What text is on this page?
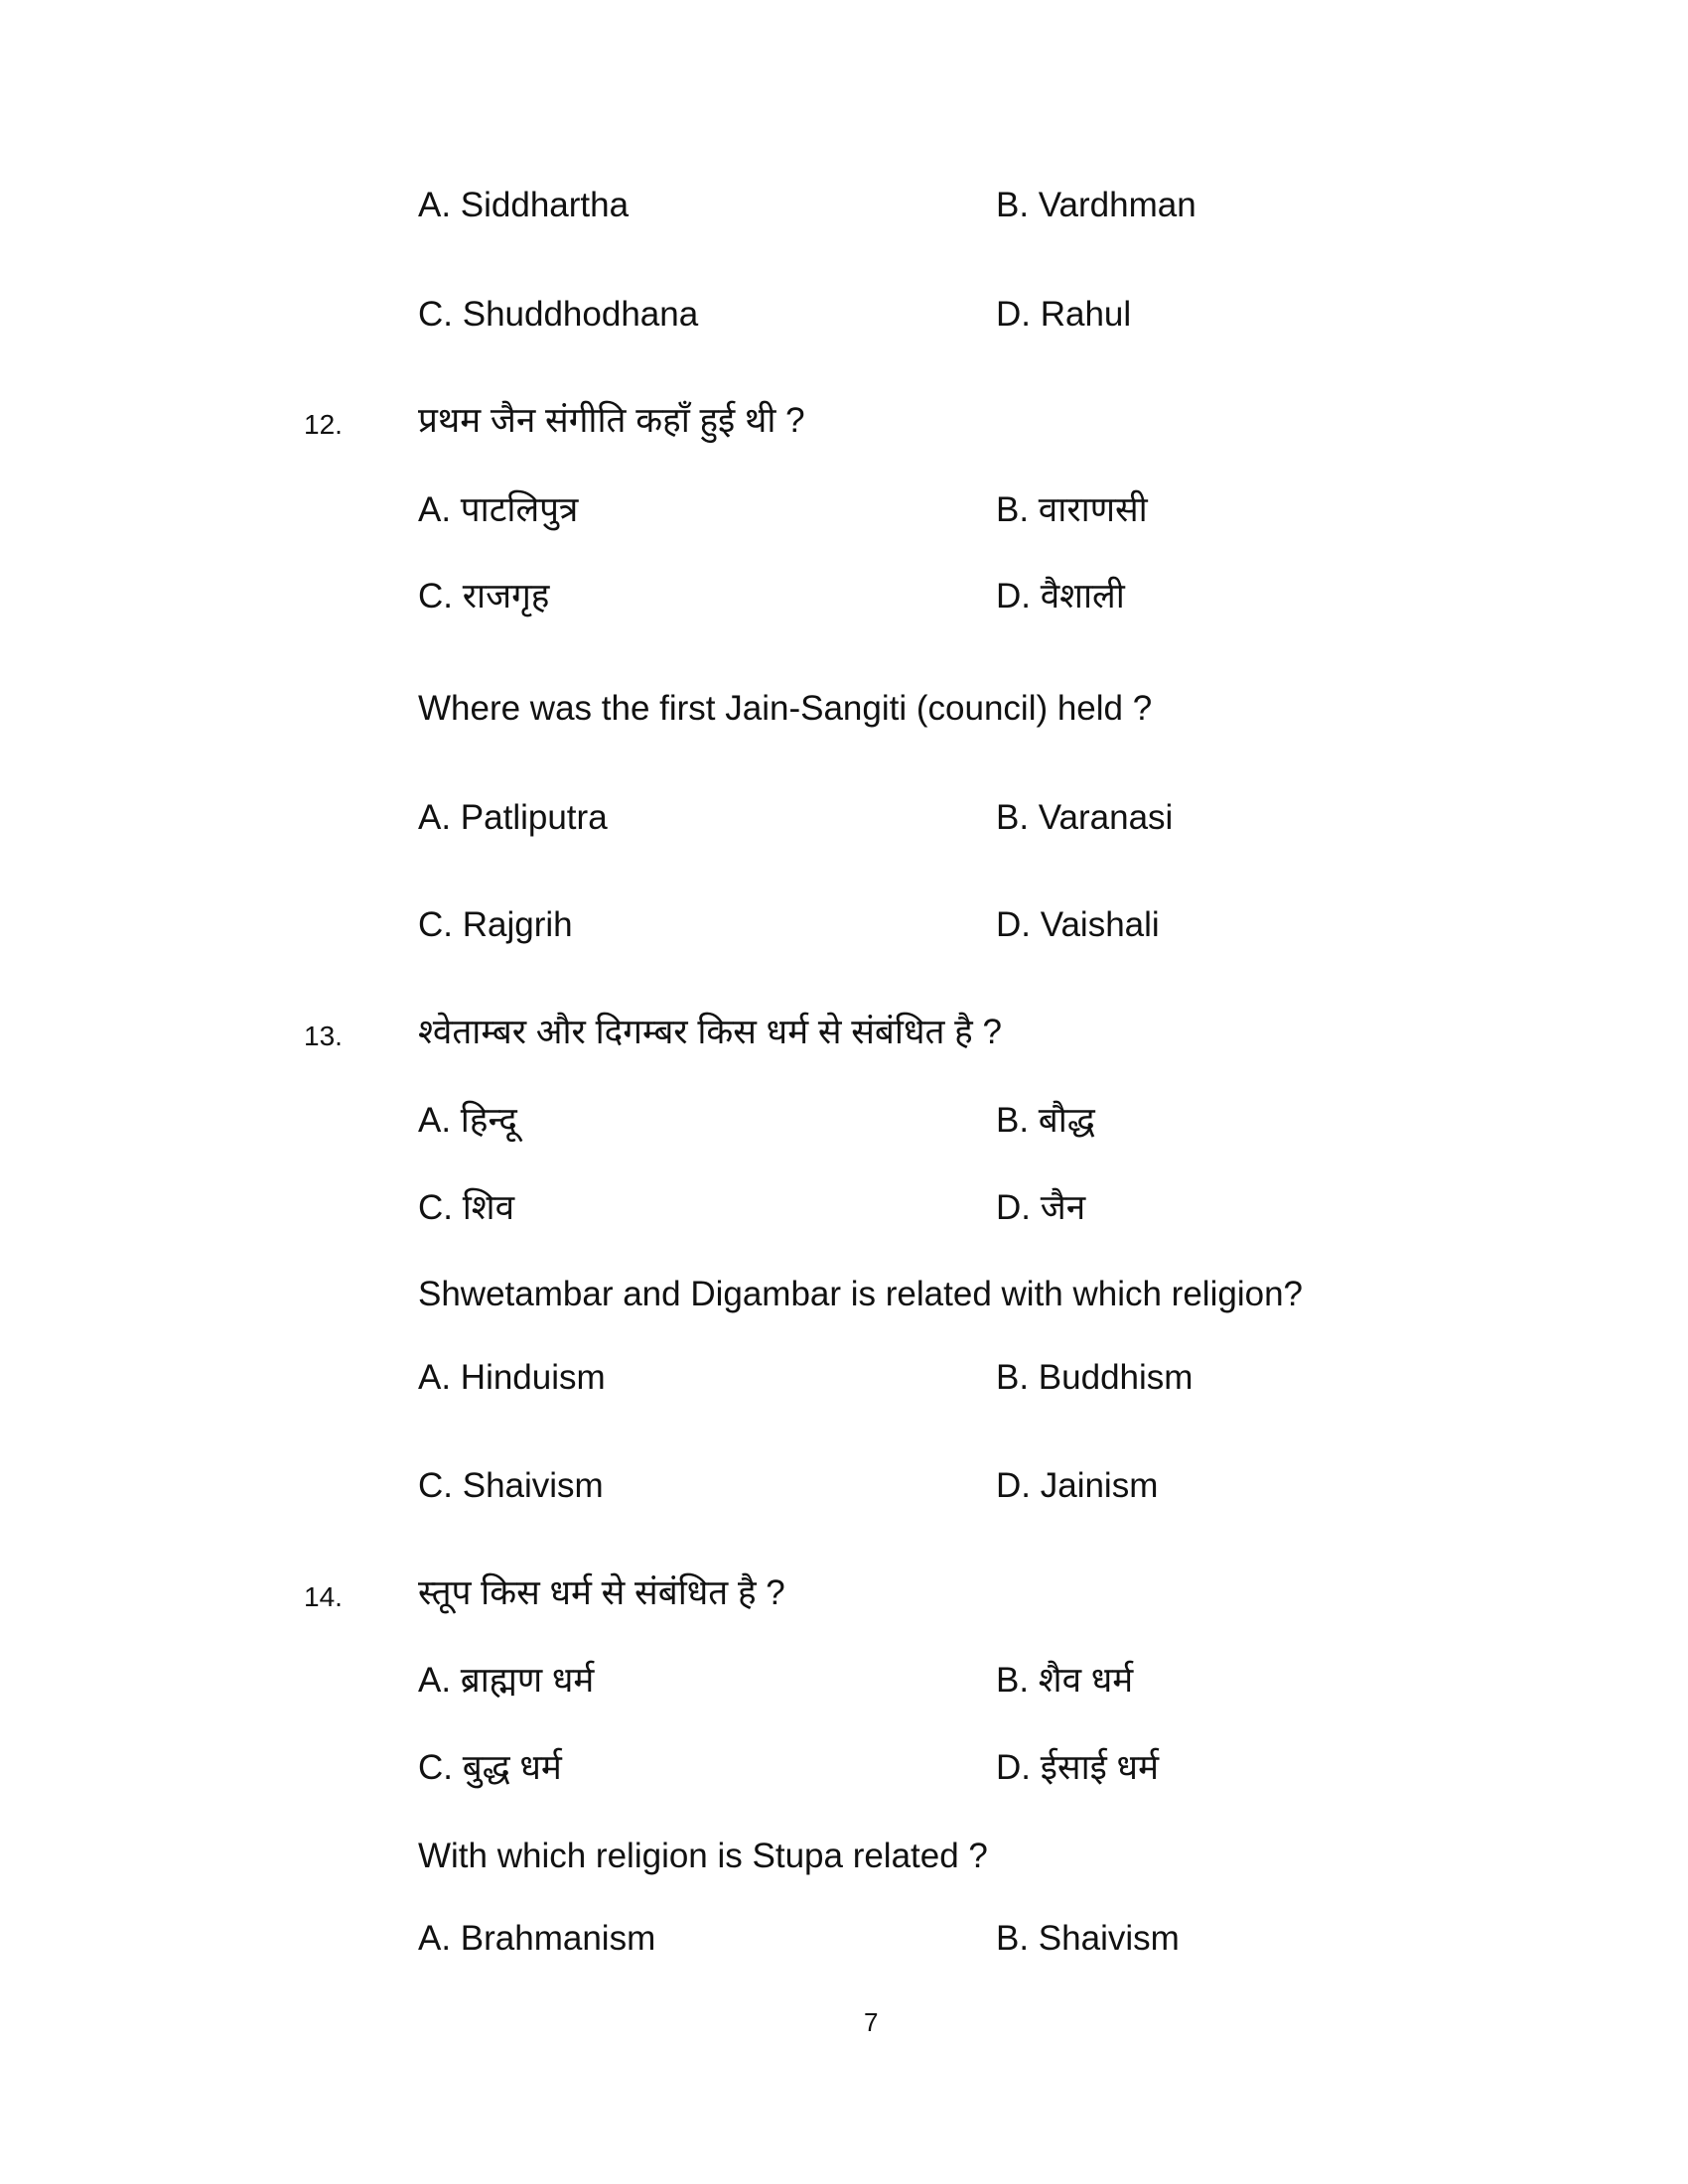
A. Siddhartha	B. Vardhman
C. Shuddhodhana	D. Rahul
12. प्रथम जैन संगीति कहाँ हुई थी ?
A. पाटलिपुत्र	B. वाराणसी
C. राजगृह	D. वैशाली
Where was the first Jain-Sangiti (council) held ?
A. Patliputra	B. Varanasi
C. Rajgrih	D. Vaishali
13. श्वेताम्बर और दिगम्बर किस धर्म से संबंधित है ?
A. हिन्दू	B. बौद्ध
C. शिव	D. जैन
Shwetambar and Digambar is related with which religion?
A. Hinduism	B. Buddhism
C. Shaivism	D. Jainism
14. स्तूप किस धर्म से संबंधित है ?
A. ब्राह्मण धर्म	B. शैव धर्म
C. बुद्ध धर्म	D. ईसाई धर्म
With which religion is Stupa related ?
A. Brahmanism	B. Shaivism
7
